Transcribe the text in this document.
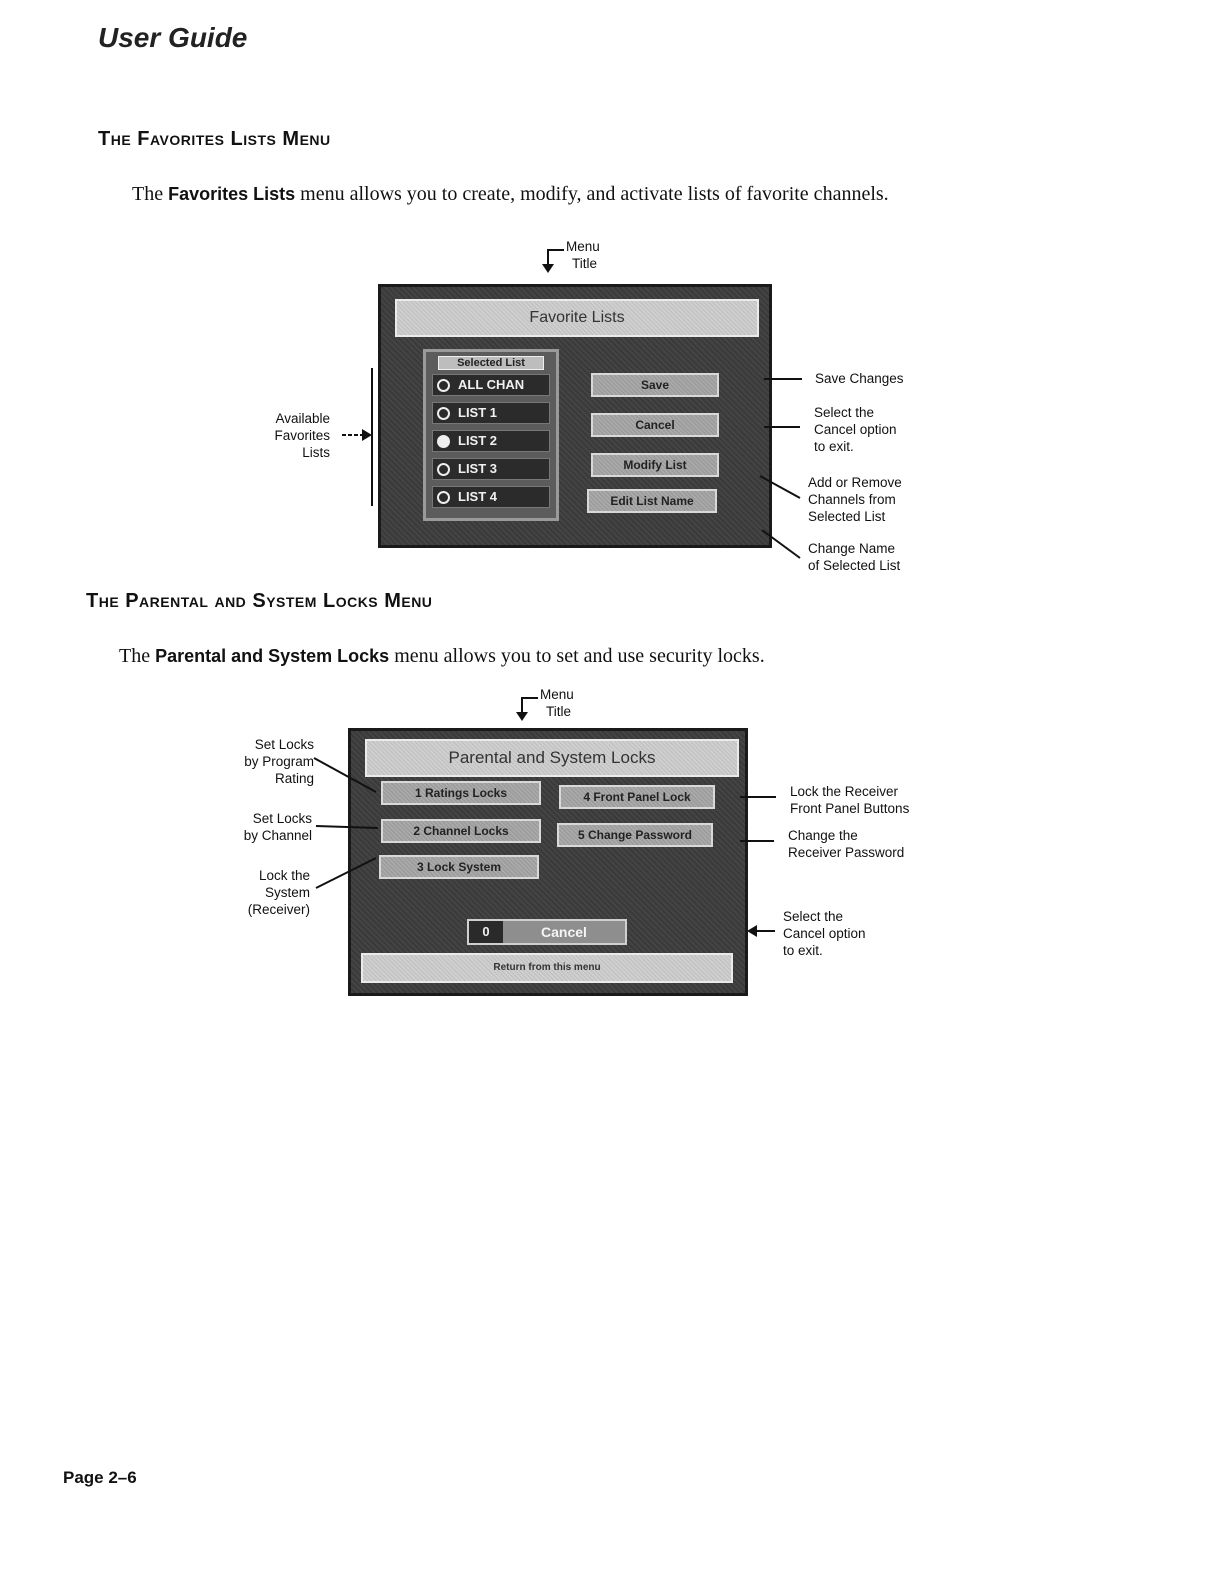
User Guide
The Favorites Lists Menu
The Favorites Lists menu allows you to create, modify, and activate lists of favorite channels.
Menu
Title
Favorite Lists
Selected List
ALL CHAN
LIST 1
LIST 2
LIST 3
LIST 4
Save
Cancel
Modify List
Edit List Name
Available
Favorites
Lists
Save Changes
Select the
Cancel option
to exit.
Add or Remove
Channels from
Selected List
Change Name
of Selected List
The Parental and System Locks Menu
The Parental and System Locks menu allows you to set and use security locks.
Menu
Title
Parental and System Locks
1 Ratings Locks
2 Channel Locks
3 Lock System
4 Front Panel Lock
5 Change Password
0	Cancel
Return from this menu
Set Locks
by Program
Rating
Set Locks
by Channel
Lock the
System
(Receiver)
Lock the Receiver
Front Panel Buttons
Change the
Receiver Password
Select the
Cancel option
to exit.
Page 2–6
